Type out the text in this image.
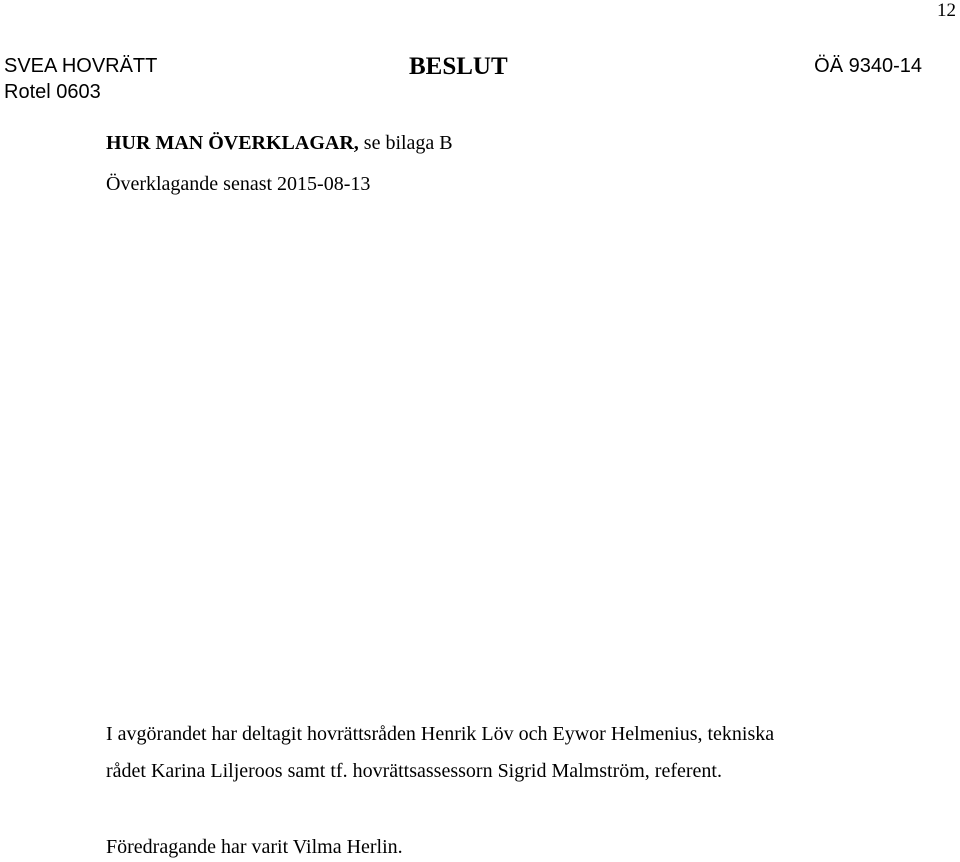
12
SVEA HOVRÄTT
Rotel 0603
BESLUT	ÖÄ 9340-14
HUR MAN ÖVERKLAGAR, se bilaga B
Överklagande senast 2015-08-13
I avgörandet har deltagit hovrättsråden Henrik Löv och Eywor Helmenius, tekniska
rådet Karina Liljeroos samt tf. hovrättsassessorn Sigrid Malmström, referent.
Föredragande har varit Vilma Herlin.
